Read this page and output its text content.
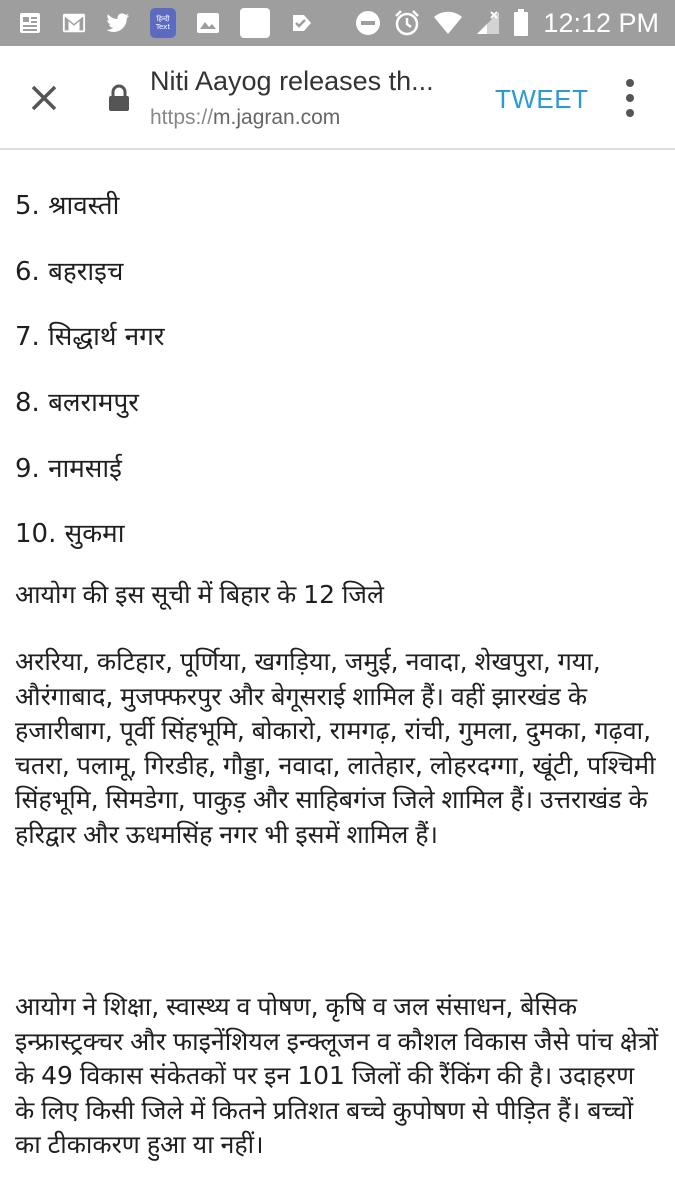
हिन्दी
Text	12:12 PM
Niti Aayog releases th...
https://m.jagran.com
TWEET
5. श्रावस्ती
6. बहराइच
7. सिद्धार्थ नगर
8. बलरामपुर
9. नामसाई
10. सुकमा
आयोग की इस सूची में बिहार के 12 जिले
अररिया, कटिहार, पूर्णिया, खगड़िया, जमुई, नवादा, शेखपुरा, गया, औरंगाबाद, मुजफ्फरपुर और बेगूसराई शामिल हैं। वहीं झारखंड के हजारीबाग, पूर्वी सिंहभूमि, बोकारो, रामगढ़, रांची, गुमला, दुमका, गढ़वा, चतरा, पलामू, गिरडीह, गौड्डा, नवादा, लातेहार, लोहरदग्गा, खूंटी, पश्चिमी सिंहभूमि, सिमडेगा, पाकुड़ और साहिबगंज जिले शामिल हैं। उत्तराखंड के हरिद्वार और ऊधमसिंह नगर भी इसमें शामिल हैं।
आयोग ने शिक्षा, स्वास्थ्य व पोषण, कृषि व जल संसाधन, बेसिक इन्फ्रास्ट्रक्चर और फाइनेंशियल इन्क्लूजन व कौशल विकास जैसे पांच क्षेत्रों के 49 विकास संकेतकों पर इन 101 जिलों की रैंकिंग की है। उदाहरण के लिए किसी जिले में कितने प्रतिशत बच्चे कुपोषण से पीड़ित हैं। बच्चों का टीकाकरण हुआ या नहीं।
